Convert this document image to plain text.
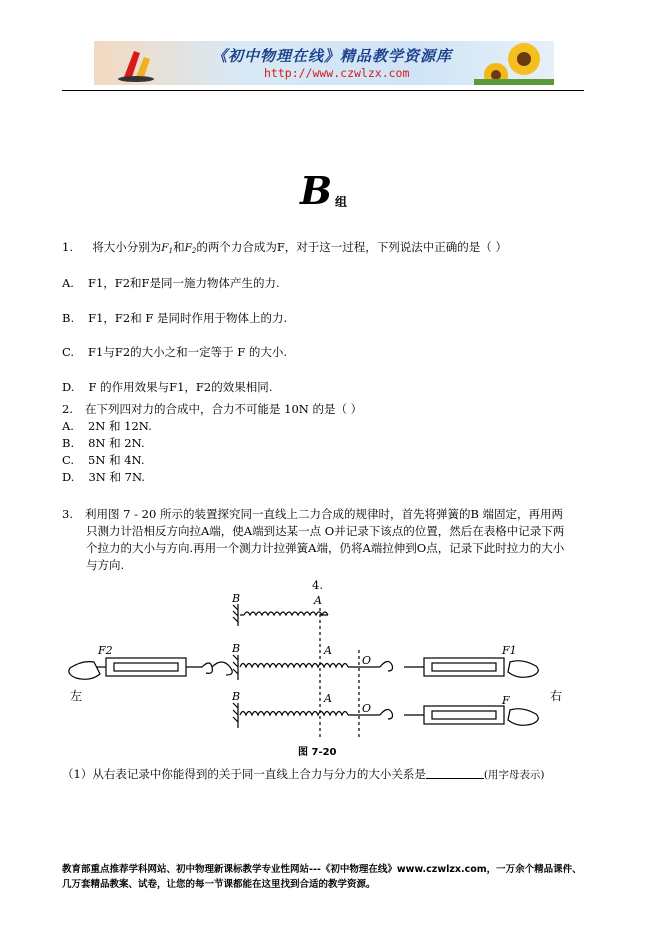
《初中物理在线》精品教学资源库
http://www.czwlzx.com
B 组
1. 将大小分别为$F_1$和$F_2$的两个力合成为F，对于这一过程，下列说法中正确的是（ ）
A. F1，F2和F是同一施力物体产生的力.
B. F1，F2和 F 是同时作用于物体上的力.
C. F1与F2的大小之和一定等于 F 的大小.
D. F 的作用效果与F1，F2的效果相同.
2. 在下列四对力的合成中，合力不可能是 10N 的是（ ）
A. 2N 和 12N.
B. 8N 和 2N.
C. 5N 和 4N.
D. 3N 和 7N.
3. 利用图 7 - 20 所示的装置探究同一直线上二力合成的规律时，首先将弹簧的B 端固定，再用两
只测力计沿相反方向拉A端，使A端到达某一点 O并记录下该点的位置，然后在表格中记录下两
个拉力的大小与方向.再用一个测力计拉弹簧A端，仍将A端拉伸到O点，记录下此时拉力的大小
与方向.
4.
B	A
B	A
O
B	A
O
F2	F1
F
左	右
图 7-20
（1）从右表记录中你能得到的关于同一直线上合力与分力的大小关系是	(用字母表示)
教育部重点推荐学科网站、初中物理新课标教学专业性网站---《初中物理在线》www.czwlzx.com，一万余个精品课件、
几万套精品教案、试卷，让您的每一节课都能在这里找到合适的教学资源。
